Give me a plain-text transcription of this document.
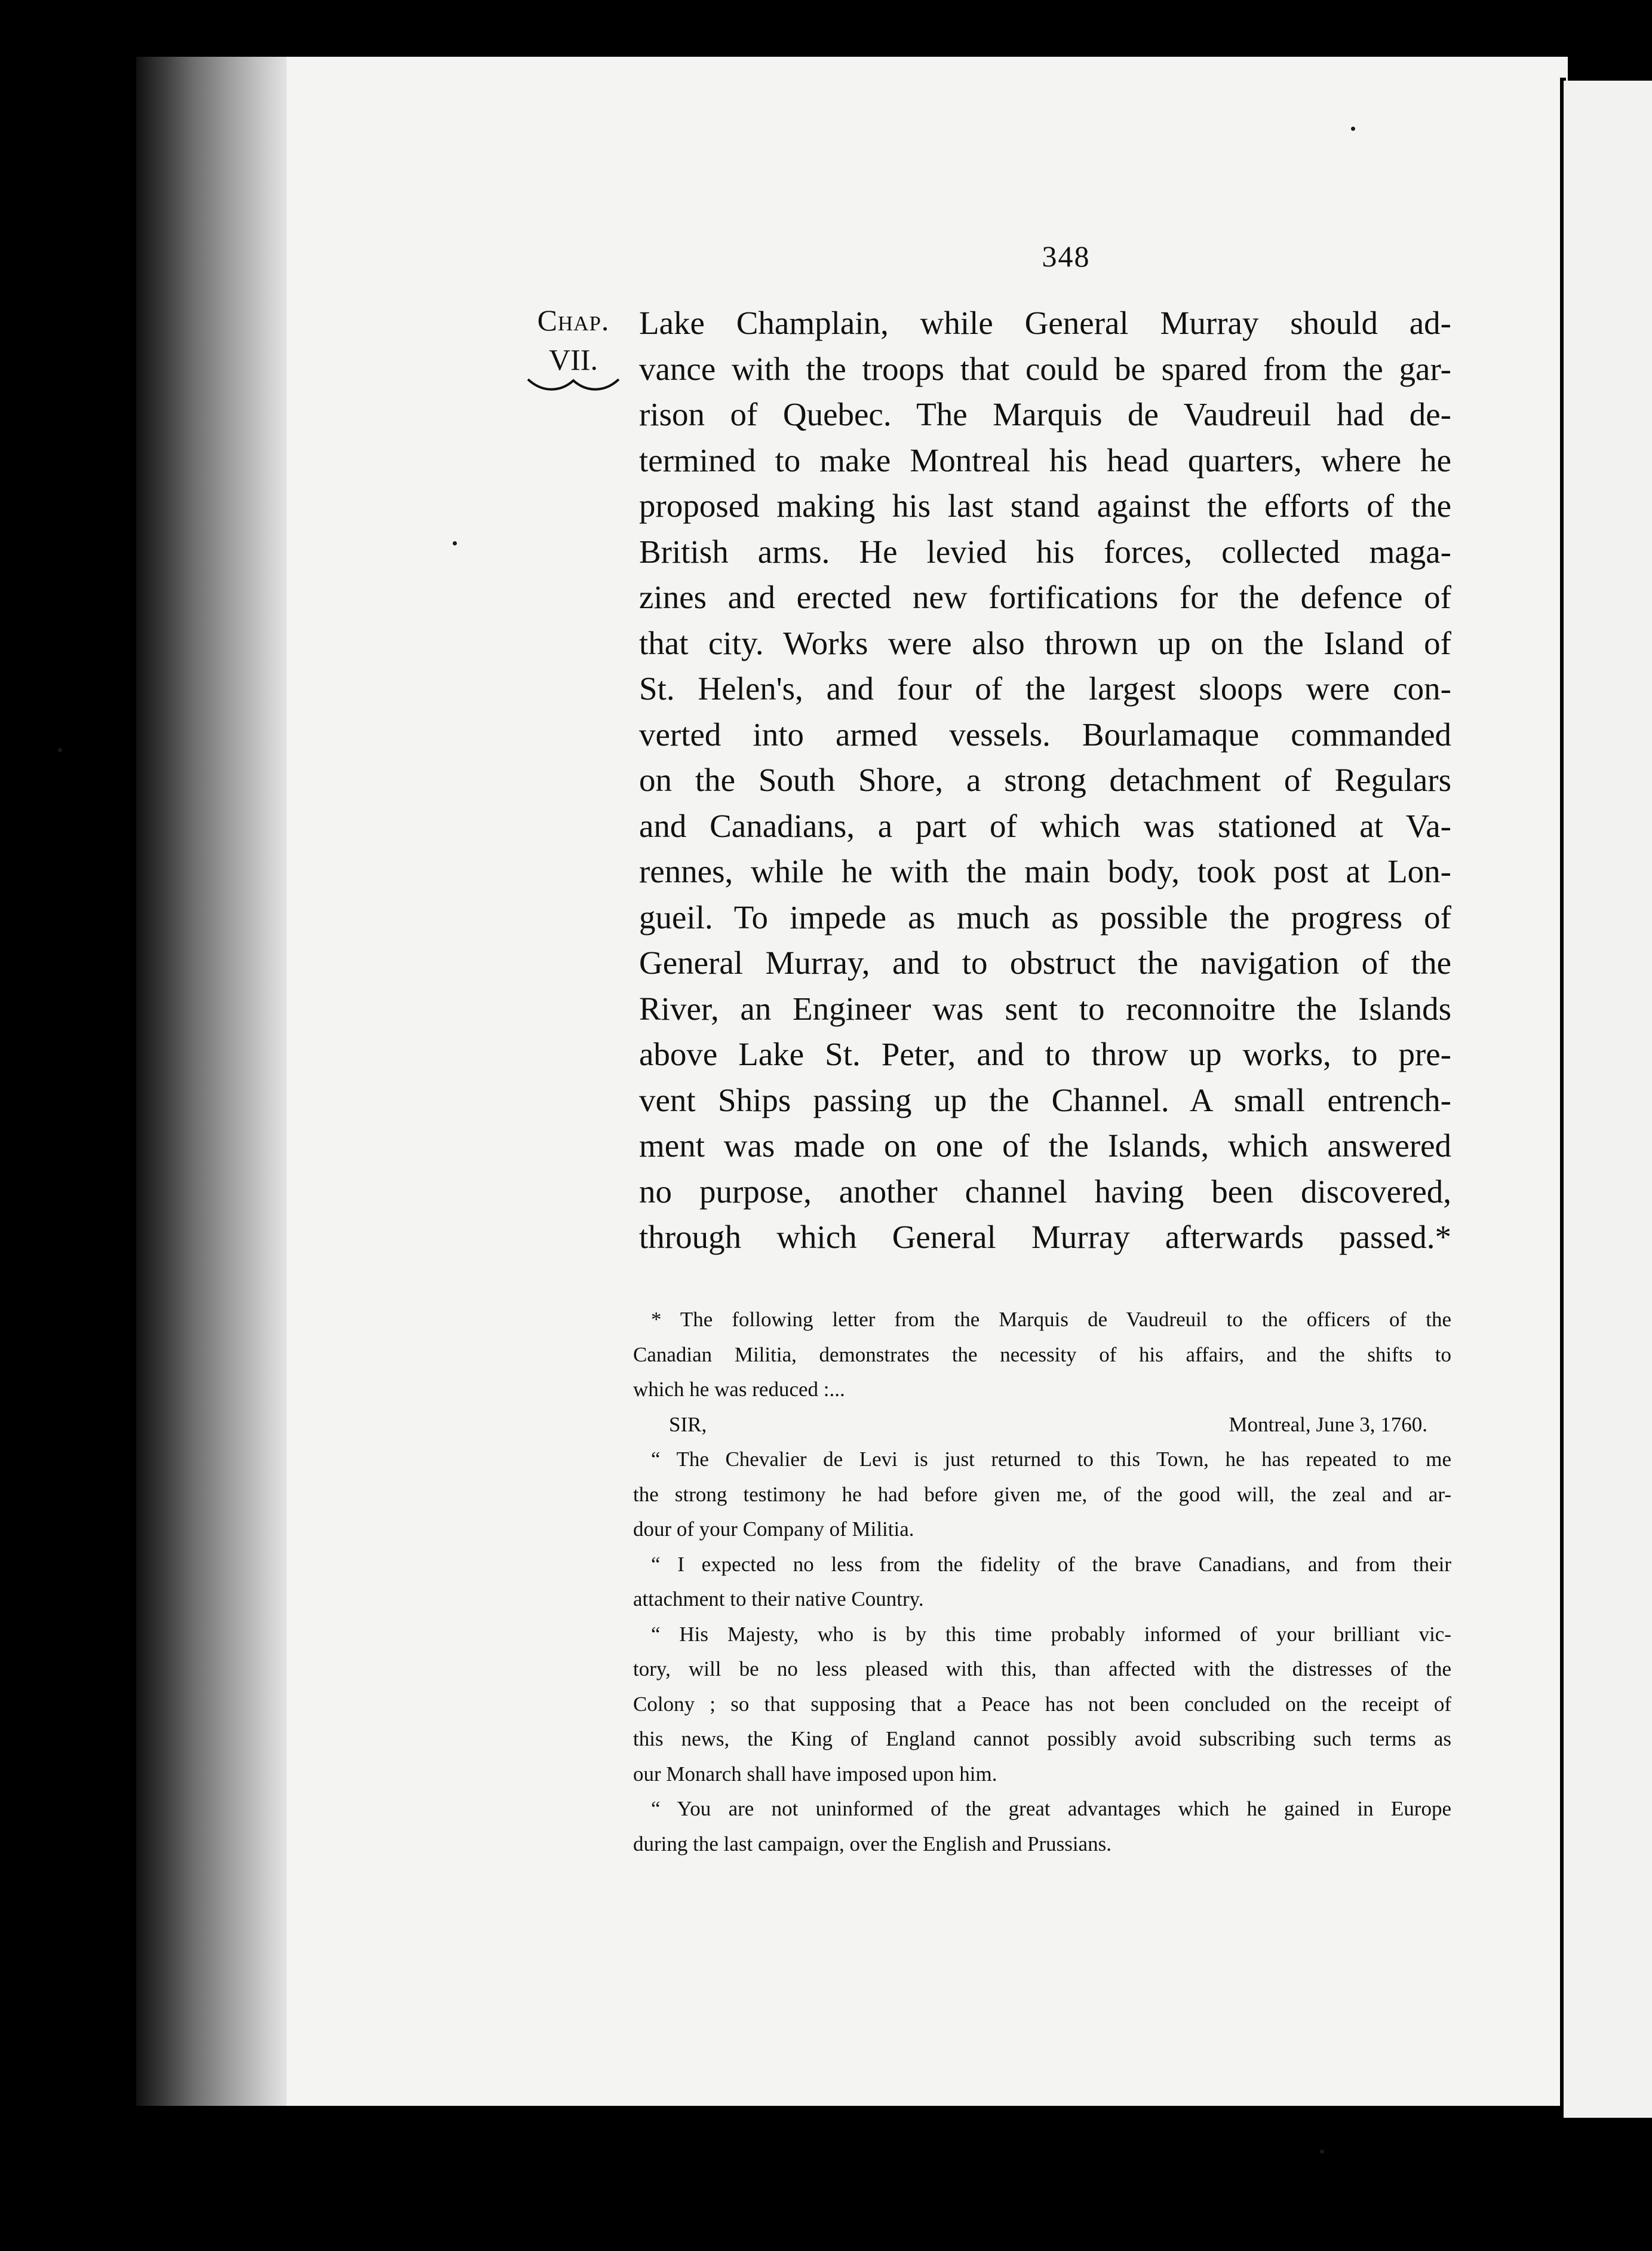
348
Chap.
VII.
Lake Champlain, while General Murray should ad-
vance with the troops that could be spared from the gar-
rison of Quebec. The Marquis de Vaudreuil had de-
termined to make Montreal his head quarters, where he
proposed making his last stand against the efforts of the
British arms. He levied his forces, collected maga-
zines and erected new fortifications for the defence of
that city. Works were also thrown up on the Island of
St. Helen's, and four of the largest sloops were con-
verted into armed vessels. Bourlamaque commanded
on the South Shore, a strong detachment of Regulars
and Canadians, a part of which was stationed at Va-
rennes, while he with the main body, took post at Lon-
gueil. To impede as much as possible the progress of
General Murray, and to obstruct the navigation of the
River, an Engineer was sent to reconnoitre the Islands
above Lake St. Peter, and to throw up works, to pre-
vent Ships passing up the Channel. A small entrench-
ment was made on one of the Islands, which answered
no purpose, another channel having been discovered,
through which General Murray afterwards passed.*
* The following letter from the Marquis de Vaudreuil to the officers of the
Canadian Militia, demonstrates the necessity of his affairs, and the shifts to
which he was reduced :...
SIR,	Montreal, June 3, 1760.
“ The Chevalier de Levi is just returned to this Town, he has repeated to me
the strong testimony he had before given me, of the good will, the zeal and ar-
dour of your Company of Militia.
“ I expected no less from the fidelity of the brave Canadians, and from their
attachment to their native Country.
“ His Majesty, who is by this time probably informed of your brilliant vic-
tory, will be no less pleased with this, than affected with the distresses of the
Colony ; so that supposing that a Peace has not been concluded on the receipt of
this news, the King of England cannot possibly avoid subscribing such terms as
our Monarch shall have imposed upon him.
“ You are not uninformed of the great advantages which he gained in Europe
during the last campaign, over the English and Prussians.
